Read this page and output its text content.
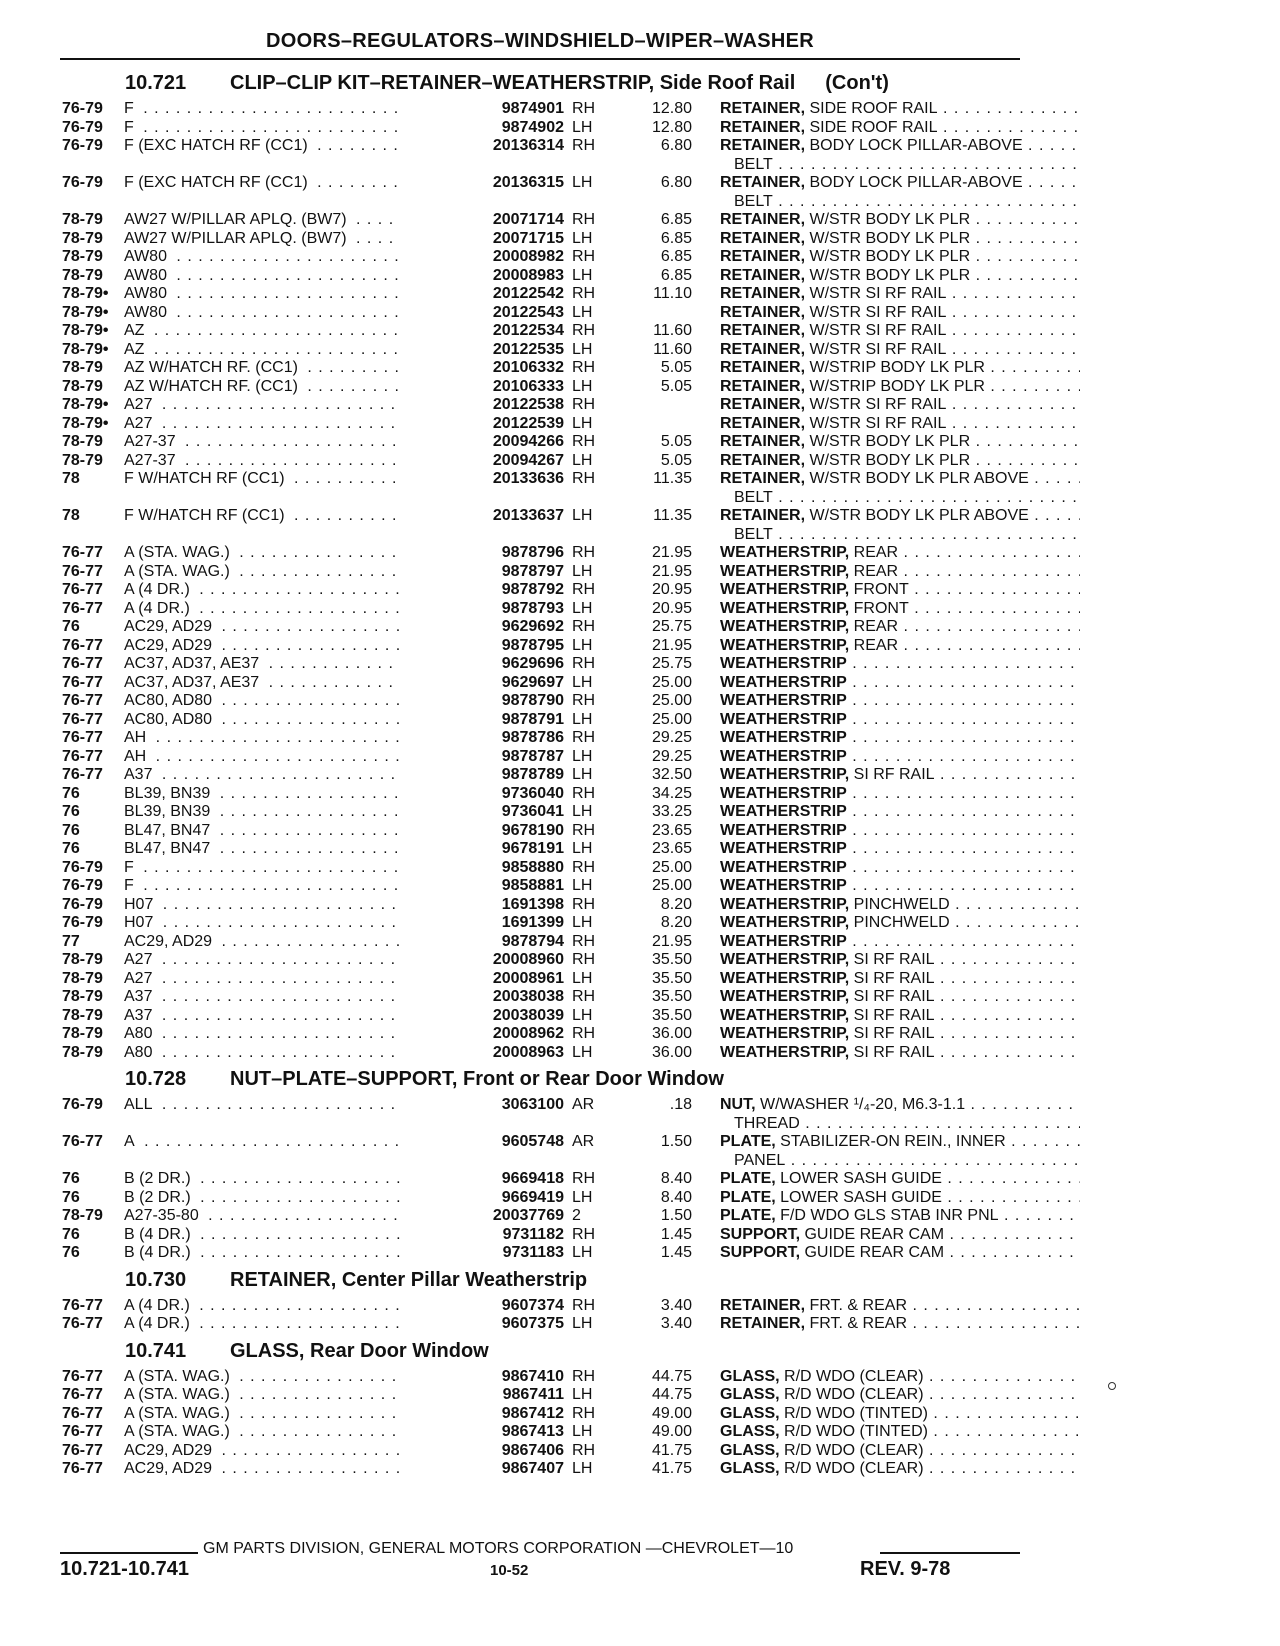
DOORS–REGULATORS–WINDSHIELD–WIPER–WASHER
10.721 CLIP–CLIP KIT–RETAINER–WEATHERSTRIP, Side Roof Rail (Con't)
76-79 F . . .	9874901 RH	12.80 RETAINER, SIDE ROOF RAIL . . .
76-79 F . . .	9874902 LH	12.80 RETAINER, SIDE ROOF RAIL . . .
76-79 F (EXC HATCH RF (CC1) . . .	20136314 RH	6.80 RETAINER, BODY LOCK PILLAR-ABOVE . . .
BELT . . .
76-79 F (EXC HATCH RF (CC1) . . .	20136315 LH	6.80 RETAINER, BODY LOCK PILLAR-ABOVE . . .
BELT . . .
78-79 AW27 W/PILLAR APLQ. (BW7) . . .	20071714 RH	6.85 RETAINER, W/STR BODY LK PLR . . .
78-79 AW27 W/PILLAR APLQ. (BW7) . . .	20071715 LH	6.85 RETAINER, W/STR BODY LK PLR . . .
78-79 AW80 . . .	20008982 RH	6.85 RETAINER, W/STR BODY LK PLR . . .
78-79 AW80 . . .	20008983 LH	6.85 RETAINER, W/STR BODY LK PLR . . .
78-79• AW80 . . .	20122542 RH	11.10 RETAINER, W/STR SI RF RAIL . . .
78-79• AW80 . . .	20122543 LH	RETAINER, W/STR SI RF RAIL . . .
78-79• AZ . . .	20122534 RH	11.60 RETAINER, W/STR SI RF RAIL . . .
78-79• AZ . . .	20122535 LH	11.60 RETAINER, W/STR SI RF RAIL . . .
78-79 AZ W/HATCH RF. (CC1) . . .	20106332 RH	5.05 RETAINER, W/STRIP BODY LK PLR . . .
78-79 AZ W/HATCH RF. (CC1) . . .	20106333 LH	5.05 RETAINER, W/STRIP BODY LK PLR . . .
78-79• A27 . . .	20122538 RH	RETAINER, W/STR SI RF RAIL . . .
78-79• A27 . . .	20122539 LH	RETAINER, W/STR SI RF RAIL . . .
78-79 A27-37 . . .	20094266 RH	5.05 RETAINER, W/STR BODY LK PLR . . .
78-79 A27-37 . . .	20094267 LH	5.05 RETAINER, W/STR BODY LK PLR . . .
78	F W/HATCH RF (CC1) . . .	20133636 RH	11.35 RETAINER, W/STR BODY LK PLR ABOVE . . .
BELT . . .
78	F W/HATCH RF (CC1) . . .	20133637 LH	11.35 RETAINER, W/STR BODY LK PLR ABOVE . . .
BELT . . .
76-77 A (STA. WAG.) . . .	9878796 RH	21.95 WEATHERSTRIP, REAR . . .
76-77 A (STA. WAG.) . . .	9878797 LH	21.95 WEATHERSTRIP, REAR . . .
76-77 A (4 DR.) . . .	9878792 RH	20.95 WEATHERSTRIP, FRONT . . .
76-77 A (4 DR.) . . .	9878793 LH	20.95 WEATHERSTRIP, FRONT . . .
76	AC29, AD29 . . .	9629692 RH	25.75 WEATHERSTRIP, REAR . . .
76-77 AC29, AD29 . . .	9878795 LH	21.95 WEATHERSTRIP, REAR . . .
76-77 AC37, AD37, AE37 . . .	9629696 RH	25.75 WEATHERSTRIP . . .
76-77 AC37, AD37, AE37 . . .	9629697 LH	25.00 WEATHERSTRIP . . .
76-77 AC80, AD80 . . .	9878790 RH	25.00 WEATHERSTRIP . . .
76-77 AC80, AD80 . . .	9878791 LH	25.00 WEATHERSTRIP . . .
76-77 AH . . .	9878786 RH	29.25 WEATHERSTRIP . . .
76-77 AH . . .	9878787 LH	29.25 WEATHERSTRIP . . .
76-77 A37 . . .	9878789 LH	32.50 WEATHERSTRIP, SI RF RAIL . . .
76	BL39, BN39 . . .	9736040 RH	34.25 WEATHERSTRIP . . .
76	BL39, BN39 . . .	9736041 LH	33.25 WEATHERSTRIP . . .
76	BL47, BN47 . . .	9678190 RH	23.65 WEATHERSTRIP . . .
76	BL47, BN47 . . .	9678191 LH	23.65 WEATHERSTRIP . . .
76-79 F . . .	9858880 RH	25.00 WEATHERSTRIP . . .
76-79 F . . .	9858881 LH	25.00 WEATHERSTRIP . . .
76-79 H07 . . .	1691398 RH	8.20 WEATHERSTRIP, PINCHWELD . . .
76-79 H07 . . .	1691399 LH	8.20 WEATHERSTRIP, PINCHWELD . . .
77	AC29, AD29 . . .	9878794 RH	21.95 WEATHERSTRIP . . .
78-79 A27 . . .	20008960 RH	35.50 WEATHERSTRIP, SI RF RAIL . . .
78-79 A27 . . .	20008961 LH	35.50 WEATHERSTRIP, SI RF RAIL . . .
78-79 A37 . . .	20038038 RH	35.50 WEATHERSTRIP, SI RF RAIL . . .
78-79 A37 . . .	20038039 LH	35.50 WEATHERSTRIP, SI RF RAIL . . .
78-79 A80 . . .	20008962 RH	36.00 WEATHERSTRIP, SI RF RAIL . . .
78-79 A80 . . .	20008963 LH	36.00 WEATHERSTRIP, SI RF RAIL . . .
10.728 NUT–PLATE–SUPPORT, Front or Rear Door Window
76-79 ALL . . .	3063100 AR	.18 NUT, W/WASHER ¹/₄-20, M6.3-1.1 . . .
THREAD . . .
76-77 A . . .	9605748 AR	1.50 PLATE, STABILIZER-ON REIN., INNER . . .
PANEL . . .
76	B (2 DR.) . . .	9669418 RH	8.40 PLATE, LOWER SASH GUIDE . . .
76	B (2 DR.) . . .	9669419 LH	8.40 PLATE, LOWER SASH GUIDE . . .
78-79 A27-35-80 . . .	20037769 2	1.50 PLATE, F/D WDO GLS STAB INR PNL . . .
76	B (4 DR.) . . .	9731182 RH	1.45 SUPPORT, GUIDE REAR CAM . . .
76	B (4 DR.) . . .	9731183 LH	1.45 SUPPORT, GUIDE REAR CAM . . .
10.730 RETAINER, Center Pillar Weatherstrip
76-77 A (4 DR.) . . .	9607374 RH	3.40 RETAINER, FRT. & REAR . . .
76-77 A (4 DR.) . . .	9607375 LH	3.40 RETAINER, FRT. & REAR . . .
10.741 GLASS, Rear Door Window
76-77 A (STA. WAG.) . . .	9867410 RH	44.75 GLASS, R/D WDO (CLEAR) . . .
76-77 A (STA. WAG.) . . .	9867411 LH	44.75 GLASS, R/D WDO (CLEAR) . . .
76-77 A (STA. WAG.) . . .	9867412 RH	49.00 GLASS, R/D WDO (TINTED) . . .
76-77 A (STA. WAG.) . . .	9867413 LH	49.00 GLASS, R/D WDO (TINTED) . . .
76-77 AC29, AD29 . . .	9867406 RH	41.75 GLASS, R/D WDO (CLEAR) . . .
76-77 AC29, AD29 . . .	9867407 LH	41.75 GLASS, R/D WDO (CLEAR) . . .
GM PARTS DIVISION, GENERAL MOTORS CORPORATION —CHEVROLET—10
10.721-10.741	10-52	REV. 9-78
